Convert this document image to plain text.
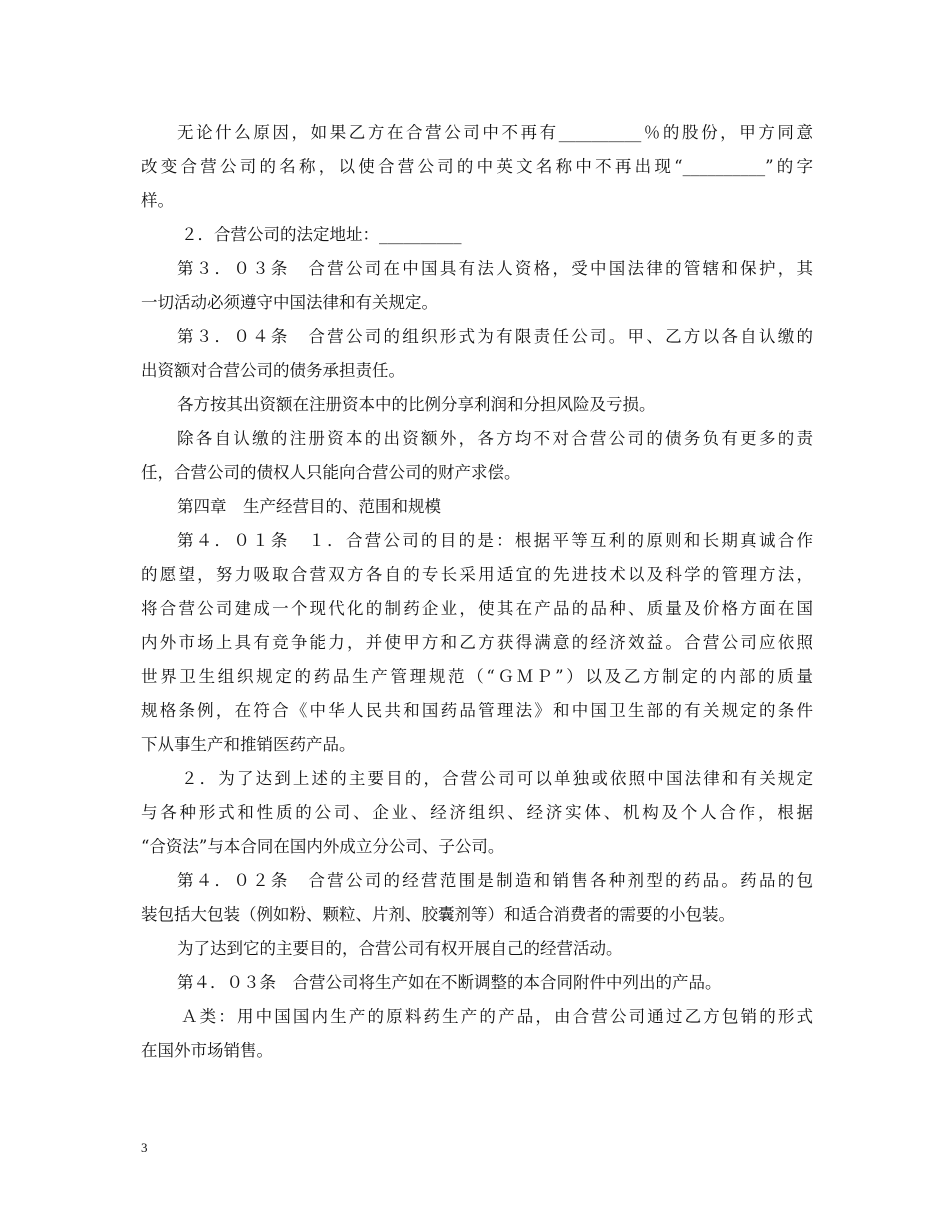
无论什么原因，如果乙方在合营公司中不再有__________％的股份，甲方同意
改变合营公司的名称，以使合营公司的中英文名称中不再出现“__________”的字
样。
２．合营公司的法定地址：__________
第３．０３条　合营公司在中国具有法人资格，受中国法律的管辖和保护，其
一切活动必须遵守中国法律和有关规定。
第３．０４条　合营公司的组织形式为有限责任公司。甲、乙方以各自认缴的
出资额对合营公司的债务承担责任。
各方按其出资额在注册资本中的比例分享利润和分担风险及亏损。
除各自认缴的注册资本的出资额外，各方均不对合营公司的债务负有更多的责
任，合营公司的债权人只能向合营公司的财产求偿。
第四章　生产经营目的、范围和规模
第４．０１条　１．合营公司的目的是：根据平等互利的原则和长期真诚合作
的愿望，努力吸取合营双方各自的专长采用适宜的先进技术以及科学的管理方法，
将合营公司建成一个现代化的制药企业，使其在产品的品种、质量及价格方面在国
内外市场上具有竞争能力，并使甲方和乙方获得满意的经济效益。合营公司应依照
世界卫生组织规定的药品生产管理规范（“ＧＭＰ”）以及乙方制定的内部的质量
规格条例，在符合《中华人民共和国药品管理法》和中国卫生部的有关规定的条件
下从事生产和推销医药产品。
２．为了达到上述的主要目的，合营公司可以单独或依照中国法律和有关规定
与各种形式和性质的公司、企业、经济组织、经济实体、机构及个人合作，根据
“合资法”与本合同在国内外成立分公司、子公司。
第４．０２条　合营公司的经营范围是制造和销售各种剂型的药品。药品的包
装包括大包装（例如粉、颗粒、片剂、胶囊剂等）和适合消费者的需要的小包装。
为了达到它的主要目的，合营公司有权开展自己的经营活动。
第４．０３条　合营公司将生产如在不断调整的本合同附件中列出的产品。
Ａ类：用中国国内生产的原料药生产的产品，由合营公司通过乙方包销的形式
在国外市场销售。
3
